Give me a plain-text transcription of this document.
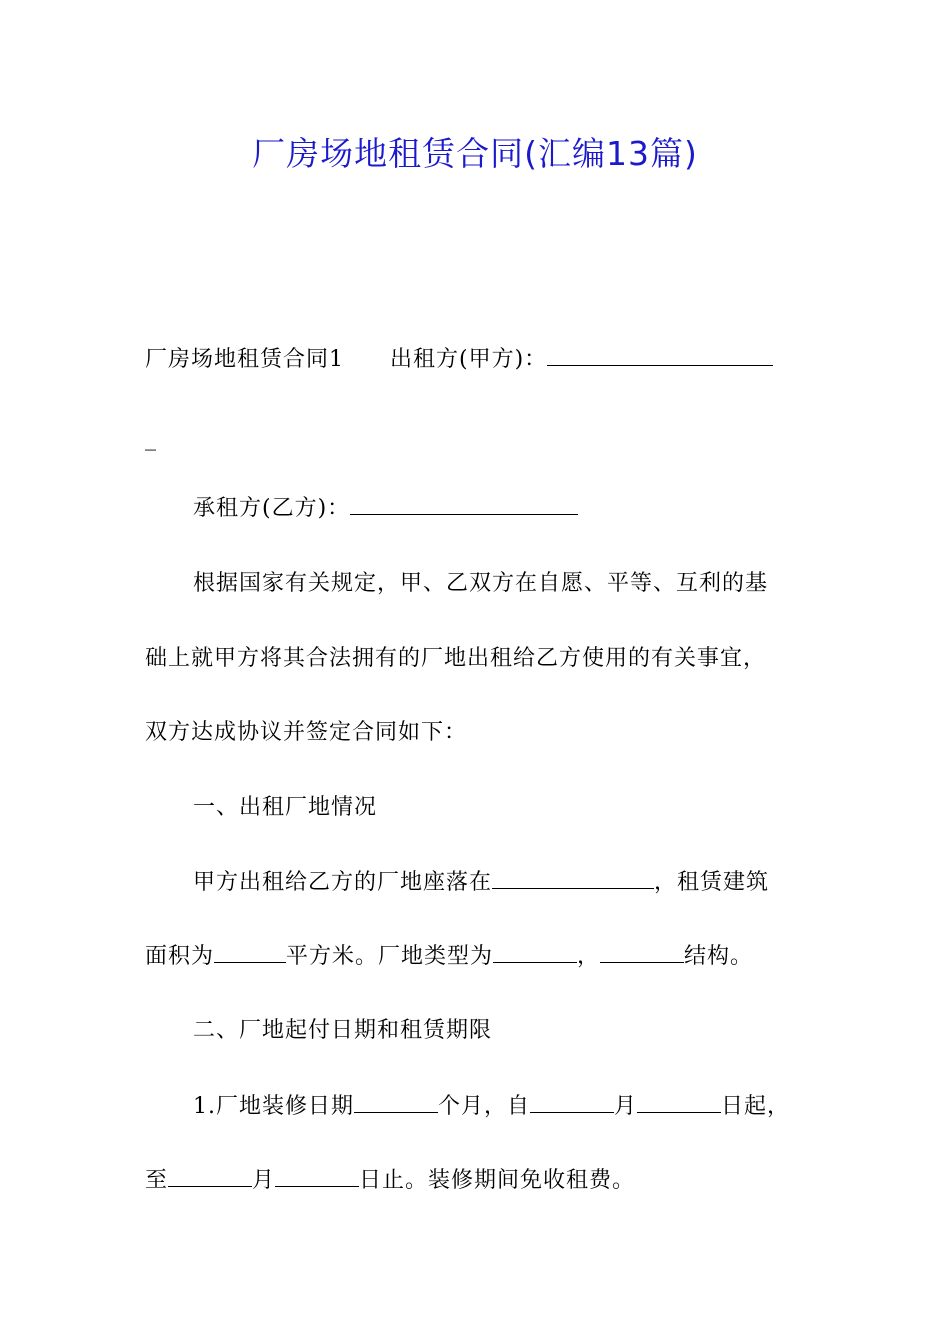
厂房场地租赁合同(汇编13篇)
厂房场地租赁合同1 出租方(甲方)：
_
承租方(乙方)：
根据国家有关规定，甲、乙双方在自愿、平等、互利的基
础上就甲方将其合法拥有的厂地出租给乙方使用的有关事宜，
双方达成协议并签定合同如下：
一、出租厂地情况
甲方出租给乙方的厂地座落在	，租赁建筑
面积为	平方米。厂地类型为	，	结构。
二、厂地起付日期和租赁期限
1.厂地装修日期	个月，自	月	日起，
至	月	日止。装修期间免收租费。
